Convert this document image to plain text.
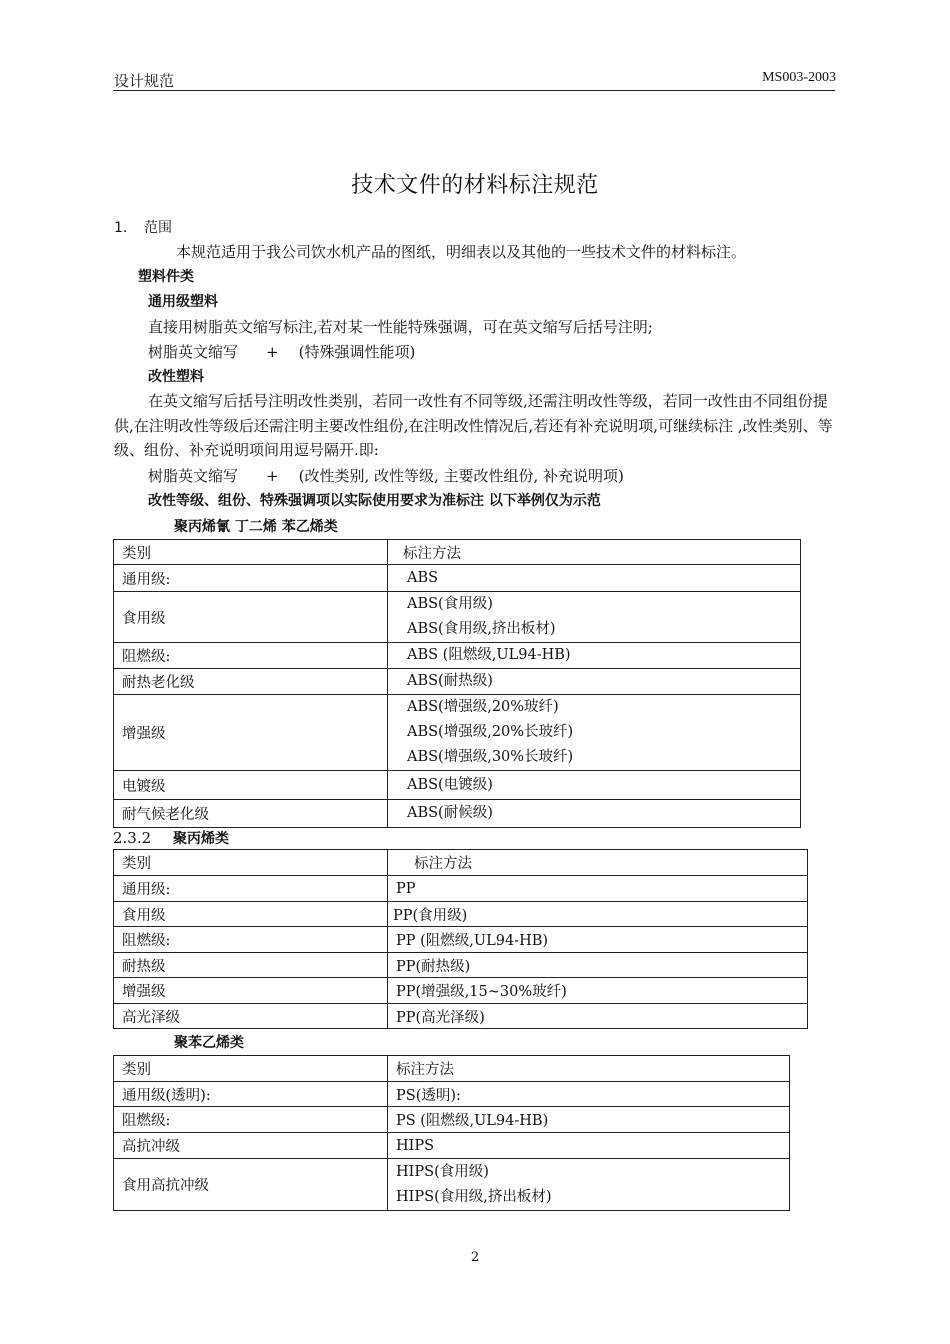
设计规范	MS003-2003
技术文件的材料标注规范
1. 范围
本规范适用于我公司饮水机产品的图纸，明细表以及其他的一些技术文件的材料标注。
塑料件类
通用级塑料
直接用树脂英文缩写标注,若对某一性能特殊强调，可在英文缩写后括号注明;
树脂英文缩写 + (特殊强调性能项)
改性塑料
在英文缩写后括号注明改性类别，若同一改性有不同等级,还需注明改性等级，若同一改性由不同组份提供,在注明改性等级后还需注明主要改性组份,在注明改性情况后,若还有补充说明项,可继续标注 ,改性类别、等级、组份、补充说明项间用逗号隔开.即:
树脂英文缩写 + (改性类别, 改性等级, 主要改性组份, 补充说明项)
改性等级、组份、特殊强调项以实际使用要求为准标注 以下举例仅为示范
聚丙烯氰 丁二烯 苯乙烯类
类别	标注方法
通用级:	ABS

食用级	ABS(食用级)
ABS(食用级,挤出板材)

阻燃级:	ABS (阻燃级,UL94-HB)

耐热老化级	ABS(耐热级)

增强级	ABS(增强级,20%玻纤)
ABS(增强级,20%长玻纤)
ABS(增强级,30%长玻纤)

电镀级	ABS(电镀级)

耐气候老化级	ABS(耐候级)
2.3.2 聚丙烯类
类别	标注方法
通用级:	PP
食用级	PP(食用级)
阻燃级:	PP (阻燃级,UL94-HB)
耐热级	PP(耐热级)
增强级	PP(增强级,15~30%玻纤)
高光泽级	PP(高光泽级)
聚苯乙烯类
类别	标注方法
通用级(透明):	PS(透明):
阻燃级:	PS (阻燃级,UL94-HB)
高抗冲级	HIPS
食用高抗冲级	HIPS(食用级)
HIPS(食用级,挤出板材)
2
